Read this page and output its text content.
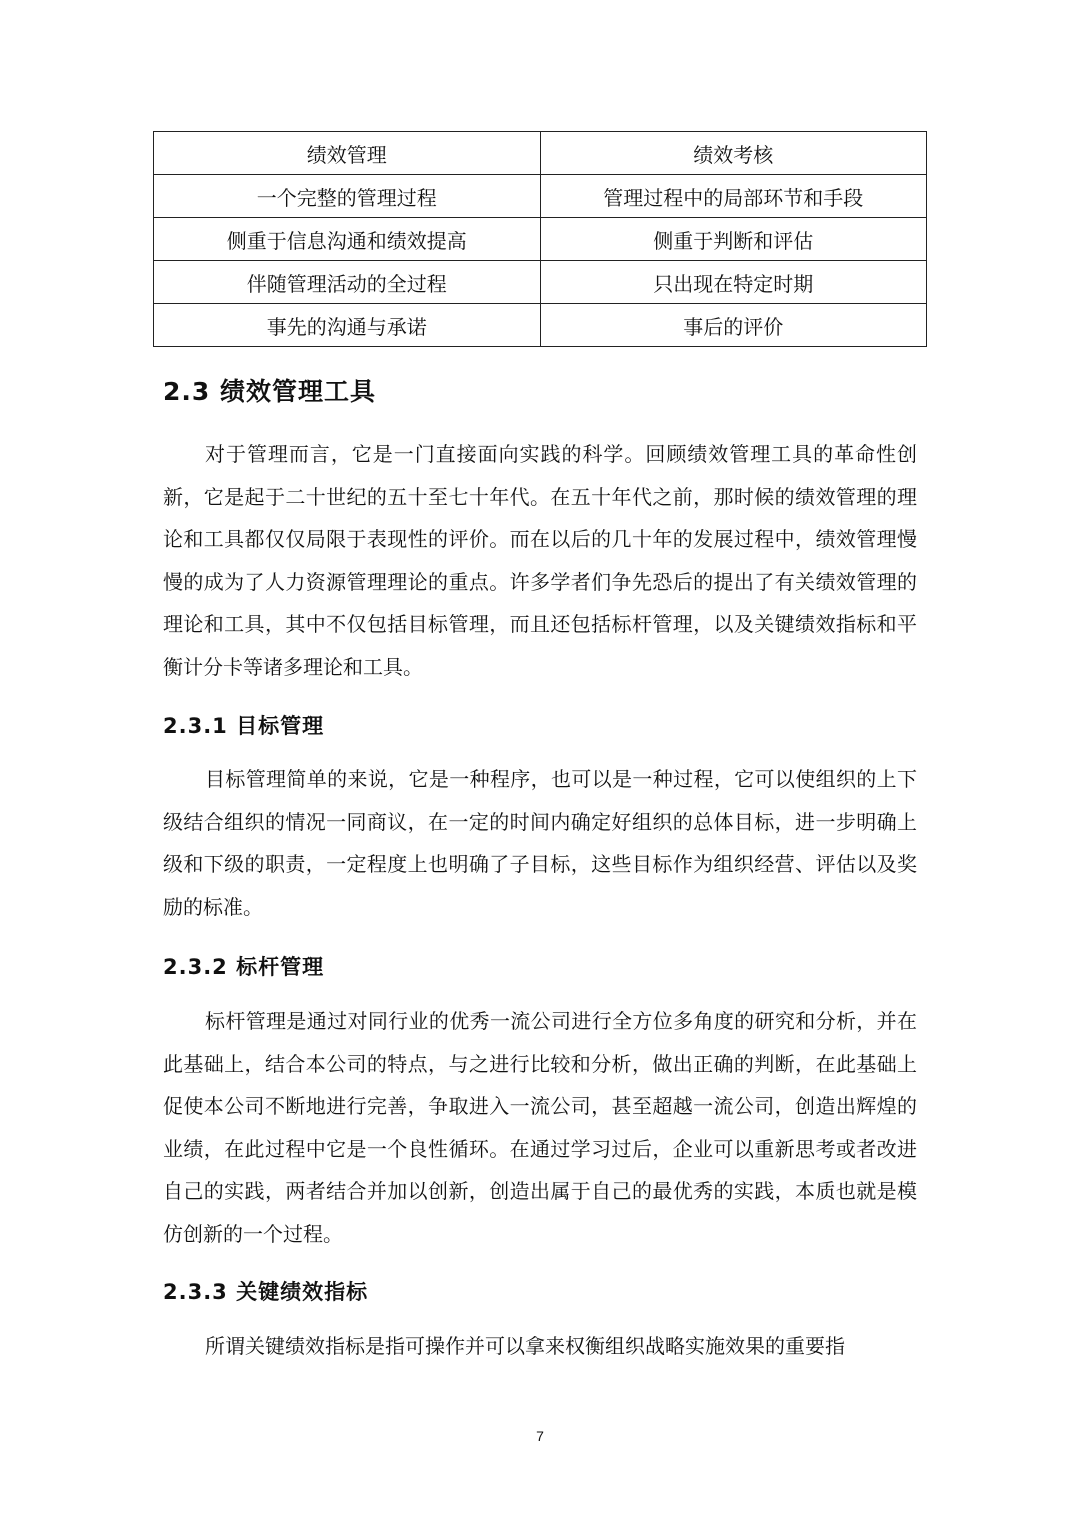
绩效管理	绩效考核
一个完整的管理过程	管理过程中的局部环节和手段
侧重于信息沟通和绩效提高	侧重于判断和评估
伴随管理活动的全过程	只出现在特定时期
事先的沟通与承诺	事后的评价
2.3 绩效管理工具

对于管理而言，它是一门直接面向实践的科学。回顾绩效管理工具的革命性创新，它是起于二十世纪的五十至七十年代。在五十年代之前，那时候的绩效管理的理论和工具都仅仅局限于表现性的评价。而在以后的几十年的发展过程中，绩效管理慢慢的成为了人力资源管理理论的重点。许多学者们争先恐后的提出了有关绩效管理的理论和工具，其中不仅包括目标管理，而且还包括标杆管理，以及关键绩效指标和平衡计分卡等诸多理论和工具。

2.3.1 目标管理

目标管理简单的来说，它是一种程序，也可以是一种过程，它可以使组织的上下级结合组织的情况一同商议，在一定的时间内确定好组织的总体目标，进一步明确上级和下级的职责，一定程度上也明确了子目标，这些目标作为组织经营、评估以及奖励的标准。

2.3.2 标杆管理

标杆管理是通过对同行业的优秀一流公司进行全方位多角度的研究和分析，并在此基础上，结合本公司的特点，与之进行比较和分析，做出正确的判断，在此基础上促使本公司不断地进行完善，争取进入一流公司，甚至超越一流公司，创造出辉煌的业绩，在此过程中它是一个良性循环。在通过学习过后，企业可以重新思考或者改进自己的实践，两者结合并加以创新，创造出属于自己的最优秀的实践，本质也就是模仿创新的一个过程。

2.3.3 关键绩效指标

所谓关键绩效指标是指可操作并可以拿来权衡组织战略实施效果的重要指

7
